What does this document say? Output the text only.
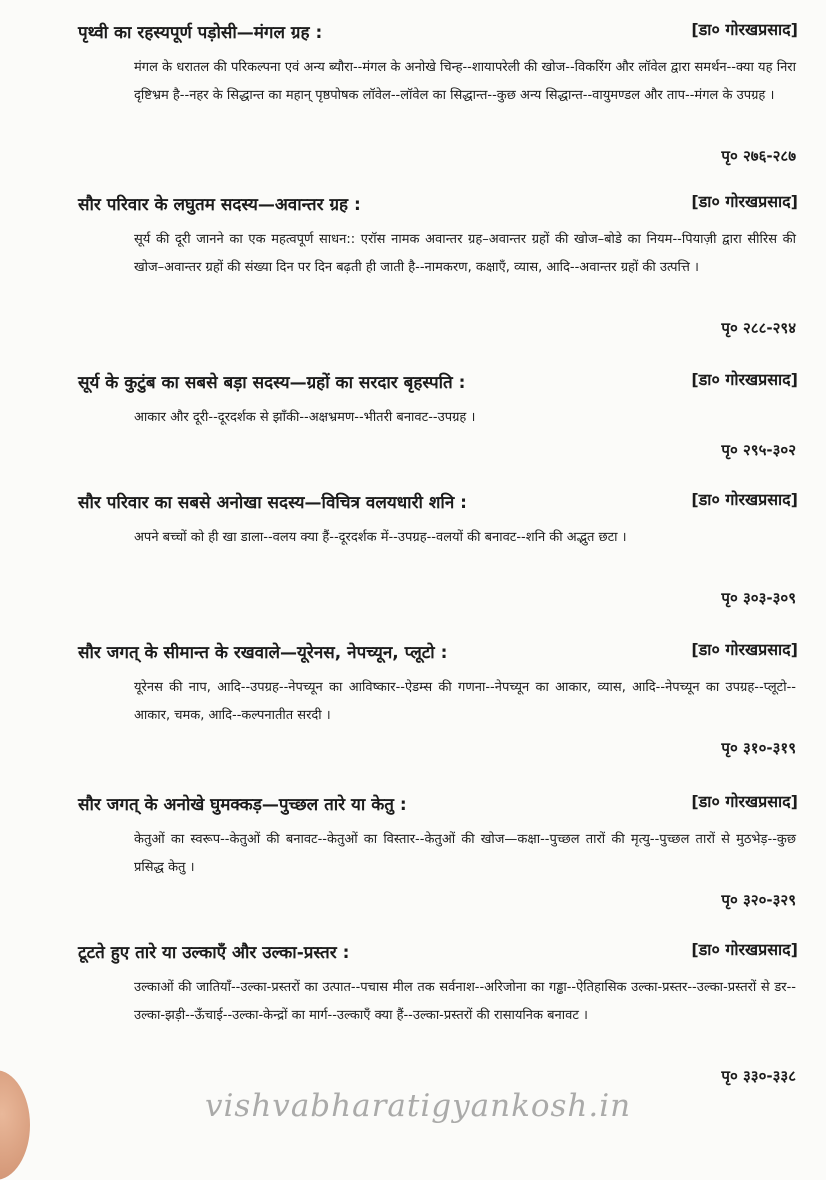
पृथ्वी का रहस्यपूर्ण पड़ोसी—मंगल ग्रह :	[डा० गोरखप्रसाद]

मंगल के धरातल की परिकल्पना एवं अन्य ब्यौरा--मंगल के अनोखे चिन्ह--शायापरेली की खोज--विकरिंग और लॉवेल द्वारा समर्थन--क्या यह निरा दृष्टिभ्रम है--नहर के सिद्धान्त का महान् पृष्ठपोषक लॉवेल--लॉवेल का सिद्धान्त--कुछ अन्य सिद्धान्त--वायुमण्डल और ताप--मंगल के उपग्रह ।

पृ० २७६-२८७
सौर परिवार के लघुतम सदस्य—अवान्तर ग्रह :	[डा० गोरखप्रसाद]

सूर्य की दूरी जानने का एक महत्वपूर्ण साधन:: एरॉस नामक अवान्तर ग्रह–अवान्तर ग्रहों की खोज–बोडे का नियम--पियाज़ी द्वारा सीरिस की खोज–अवान्तर ग्रहों की संख्या दिन पर दिन बढ़ती ही जाती है--नामकरण, कक्षाएँ, व्यास, आदि--अवान्तर ग्रहों की उत्पत्ति ।

पृ० २८८-२९४
सूर्य के कुटुंब का सबसे बड़ा सदस्य—ग्रहों का सरदार बृहस्पति :	[डा० गोरखप्रसाद]

आकार और दूरी--दूरदर्शक से झाँकी--अक्षभ्रमण--भीतरी बनावट--उपग्रह ।

पृ० २९५-३०२
सौर परिवार का सबसे अनोखा सदस्य—विचित्र वलयधारी शनि :	[डा० गोरखप्रसाद]

अपने बच्चों को ही खा डाला--वलय क्या हैं--दूरदर्शक में--उपग्रह--वलयों की बनावट--शनि की अद्भुत छटा ।

पृ० ३०३-३०९
सौर जगत् के सीमान्त के रखवाले—यूरेनस, नेपच्यून, प्लूटो :	[डा० गोरखप्रसाद]

यूरेनस की नाप, आदि--उपग्रह--नेपच्यून का आविष्कार--ऐडम्स की गणना--नेपच्यून का आकार, व्यास, आदि--नेपच्यून का उपग्रह--प्लूटो--आकार, चमक, आदि--कल्पनातीत सरदी ।

पृ० ३१०-३१९
सौर जगत् के अनोखे घुमक्कड़—पुच्छल तारे या केतु :	[डा० गोरखप्रसाद]

केतुओं का स्वरूप--केतुओं की बनावट--केतुओं का विस्तार--केतुओं की खोज—कक्षा--पुच्छल तारों की मृत्यु--पुच्छल तारों से मुठभेड़--कुछ प्रसिद्ध केतु ।

पृ० ३२०-३२९
टूटते हुए तारे या उल्काएँ और उल्का-प्रस्तर :	[डा० गोरखप्रसाद]

उल्काओं की जातियाँ--उल्का-प्रस्तरों का उत्पात--पचास मील तक सर्वनाश--अरिजोना का गड्ढा--ऐतिहासिक उल्का-प्रस्तर--उल्का-प्रस्तरों से डर--उल्का-झड़ी--ऊँचाई--उल्का-केन्द्रों का मार्ग--उल्काएँ क्या हैं--उल्का-प्रस्तरों की रासायनिक बनावट ।

पृ० ३३०-३३८
vishvabharatigyankosh.in
